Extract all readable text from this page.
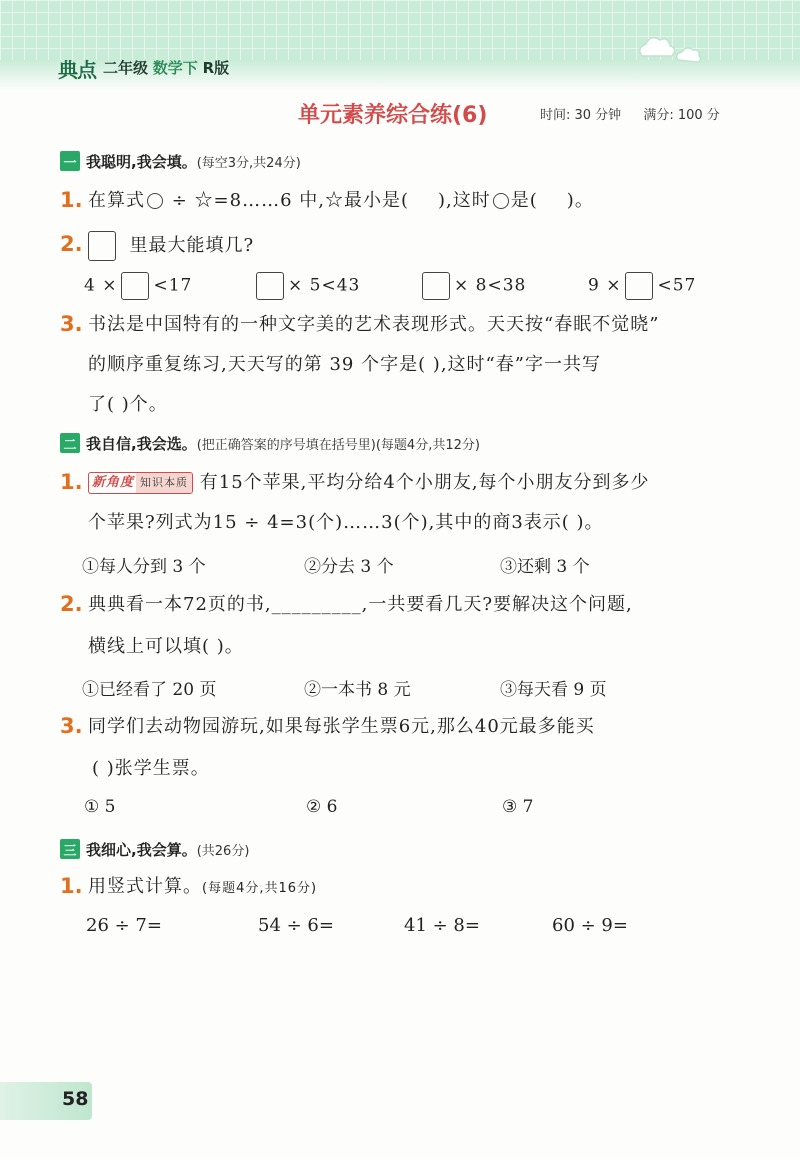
典点 二年级 数学下 R版
单元素养综合练(6)	时间: 30 分钟 满分: 100 分
一 我聪明,我会填。 (每空3分,共24分)
1. 在算式 ÷ ☆=8……6 中,☆最小是(   ),这时 是(   )。
2.	里最大能填几?
4 × <17	× 5<43	× 8<38	9 × <57
3. 书法是中国特有的一种文字美的艺术表现形式。天天按“春眠不觉晓”
的顺序重复练习,天天写的第 39 个字是( ),这时“春”字一共写
了( )个。
二 我自信,我会选。 (把正确答案的序号填在括号里)(每题4分,共12分)
1. 新角度 知识本质 有15个苹果,平均分给4个小朋友,每个小朋友分到多少
个苹果?列式为15 ÷ 4=3(个)……3(个),其中的商3表示( )。
①每人分到 3 个	②分去 3 个	③还剩 3 个
2. 典典看一本72页的书,_________,一共要看几天?要解决这个问题,
横线上可以填( )。
①已经看了 20 页	②一本书 8 元	③每天看 9 页
3. 同学们去动物园游玩,如果每张学生票6元,那么40元最多能买
( )张学生票。
① 5	② 6	③ 7
三 我细心,我会算。 (共26分)
1. 用竖式计算。(每题4分,共16分)
26 ÷ 7=	54 ÷ 6=	41 ÷ 8=	60 ÷ 9=
58
